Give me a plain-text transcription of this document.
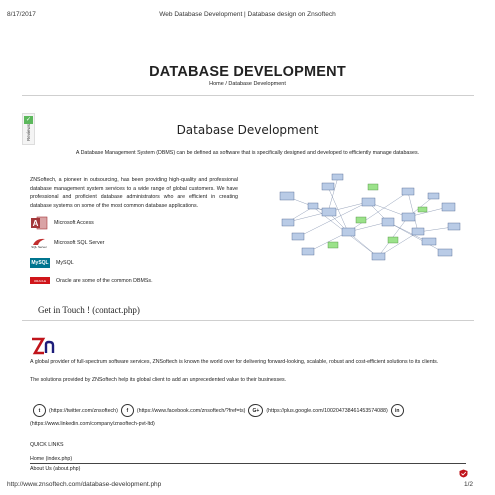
8/17/2017	Web Database Development | Database design on Znsoftech
DATABASE DEVELOPMENT
Home / Database Development
✓
Reviews	Database Development
A Database Management System (DBMS) can be defined as software that is specifically designed and developed to efficiently manage databases.
ZNSoftech, a pioneer in outsourcing, has been providing high-quality and professional database management system services to a wide range of global customers. We have professional and proficient database administrators who are efficient in creating database systems on some of the most common database applications.
A	Microsoft Access
SQL Server
Microsoft SQL Server
MySQL MySQL
ORACLE	Oracle are some of the common DBMSs.
Get in Touch ! (contact.php)
A global provider of full-spectrum software services, ZNSoftech is known the world over for delivering forward-looking, scalable, robust and cost-efficient solutions to its clients.
The solutions provided by ZNSoftech help its global client to add an unprecedented value to their businesses.
t	(https://twitter.com/znsoftech)	f	(https://www.facebook.com/znsoftech/?fref=ts)	G+	(https://plus.google.com/100204738461453574088)	in
(https://www.linkedin.com/company/znsoftech-pvt-ltd)
QUICK LINKS
Home (index.php)
About Us (about.php)
http://www.znsoftech.com/database-development.php	1/2
